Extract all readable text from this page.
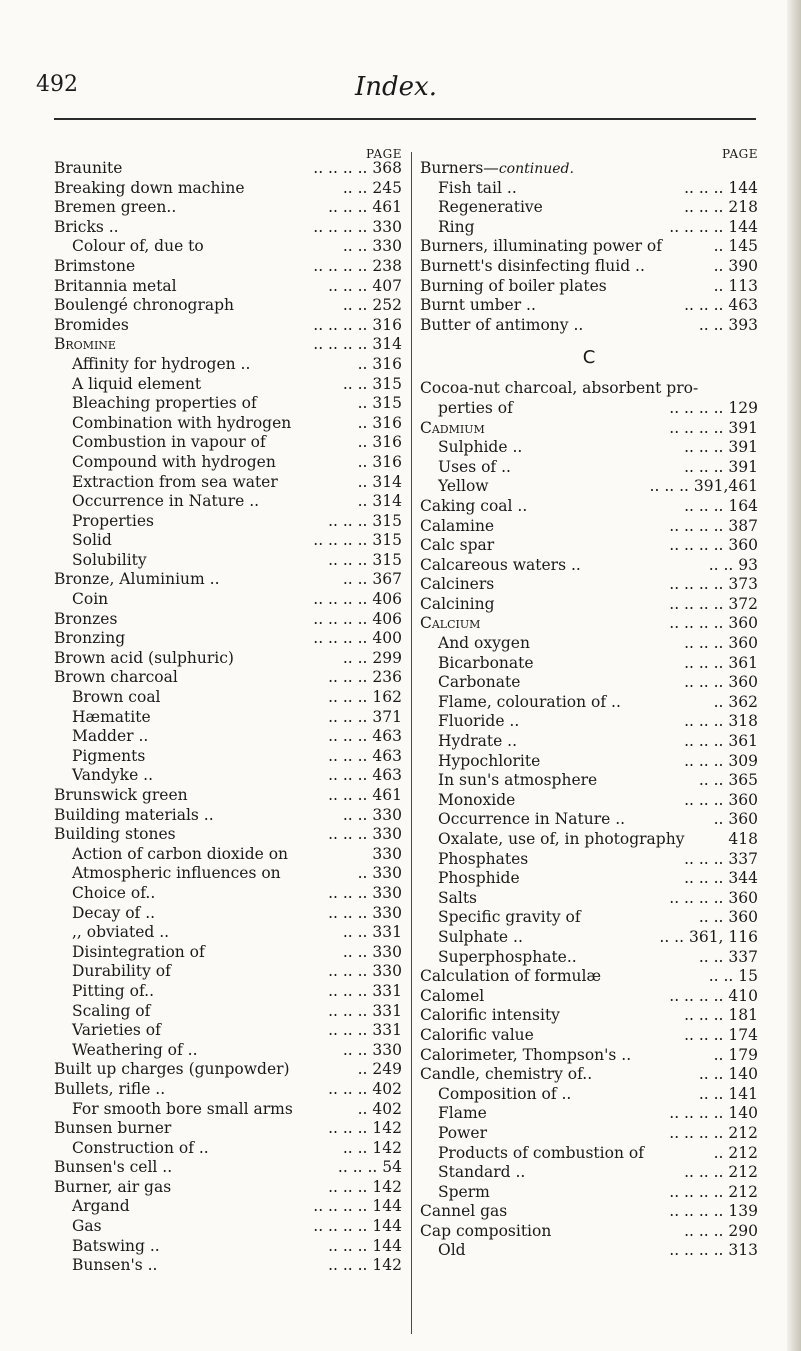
492	Index.
PAGE
Braunite	.. .. .. .. 368
Breaking down machine	.. .. 245
Bremen green..	.. .. .. 461
Bricks ..	.. .. .. .. 330
Colour of, due to	.. .. 330
Brimstone	.. .. .. .. 238
Britannia metal	.. .. .. 407
Boulengé chronograph	.. .. 252
Bromides	.. .. .. .. 316
Bromine	.. .. .. .. 314
Affinity for hydrogen ..	.. 316
A liquid element	.. .. 315
Bleaching properties of	.. 315
Combination with hydrogen	.. 316
Combustion in vapour of	.. 316
Compound with hydrogen	.. 316
Extraction from sea water	.. 314
Occurrence in Nature ..	.. 314
Properties	.. .. .. 315
Solid	.. .. .. .. 315
Solubility	.. .. .. 315
Bronze, Aluminium ..	.. .. 367
Coin	.. .. .. .. 406
Bronzes	.. .. .. .. 406
Bronzing	.. .. .. .. 400
Brown acid (sulphuric)	.. .. 299
Brown charcoal	.. .. .. 236
Brown coal	.. .. .. 162
Hæmatite	.. .. .. 371
Madder ..	.. .. .. 463
Pigments	.. .. .. 463
Vandyke ..	.. .. .. 463
Brunswick green	.. .. .. 461
Building materials ..	.. .. 330
Building stones	.. .. .. 330
Action of carbon dioxide on	330
Atmospheric influences on	.. 330
Choice of..	.. .. .. 330
Decay of ..	.. .. .. 330
,, obviated ..	.. .. 331
Disintegration of	.. .. 330
Durability of	.. .. .. 330
Pitting of..	.. .. .. 331
Scaling of	.. .. .. 331
Varieties of	.. .. .. 331
Weathering of ..	.. .. 330
Built up charges (gunpowder)	.. 249
Bullets, rifle ..	.. .. .. 402
For smooth bore small arms	.. 402
Bunsen burner	.. .. .. 142
Construction of ..	.. .. 142
Bunsen's cell ..	.. .. .. 54
Burner, air gas	.. .. .. 142
Argand	.. .. .. .. 144
Gas	.. .. .. .. 144
Batswing ..	.. .. .. 144
Bunsen's ..	.. .. .. 142
PAGE
Burners—continued.
Fish tail ..	.. .. .. 144
Regenerative	.. .. .. 218
Ring	.. .. .. .. 144
Burners, illuminating power of	.. 145
Burnett's disinfecting fluid ..	.. 390
Burning of boiler plates	.. 113
Burnt umber ..	.. .. .. 463
Butter of antimony ..	.. .. 393
C
Cocoa-nut charcoal, absorbent pro-
perties of	.. .. .. .. 129
Cadmium	.. .. .. .. 391
Sulphide ..	.. .. .. 391
Uses of ..	.. .. .. 391
Yellow	.. .. .. 391,461
Caking coal ..	.. .. .. 164
Calamine	.. .. .. .. 387
Calc spar	.. .. .. .. 360
Calcareous waters ..	.. .. 93
Calciners	.. .. .. .. 373
Calcining	.. .. .. .. 372
Calcium	.. .. .. .. 360
And oxygen	.. .. .. 360
Bicarbonate	.. .. .. 361
Carbonate	.. .. .. 360
Flame, colouration of ..	.. 362
Fluoride ..	.. .. .. 318
Hydrate ..	.. .. .. 361
Hypochlorite	.. .. .. 309
In sun's atmosphere	.. .. 365
Monoxide	.. .. .. 360
Occurrence in Nature ..	.. 360
Oxalate, use of, in photography	418
Phosphates	.. .. .. 337
Phosphide	.. .. .. 344
Salts	.. .. .. .. 360
Specific gravity of	.. .. 360
Sulphate ..	.. .. 361, 116
Superphosphate..	.. .. 337
Calculation of formulæ	.. .. 15
Calomel	.. .. .. .. 410
Calorific intensity	.. .. .. 181
Calorific value	.. .. .. 174
Calorimeter, Thompson's ..	.. 179
Candle, chemistry of..	.. .. 140
Composition of ..	.. .. 141
Flame	.. .. .. .. 140
Power	.. .. .. .. 212
Products of combustion of	.. 212
Standard ..	.. .. .. 212
Sperm	.. .. .. .. 212
Cannel gas	.. .. .. .. 139
Cap composition	.. .. .. 290
Old	.. .. .. .. 313
